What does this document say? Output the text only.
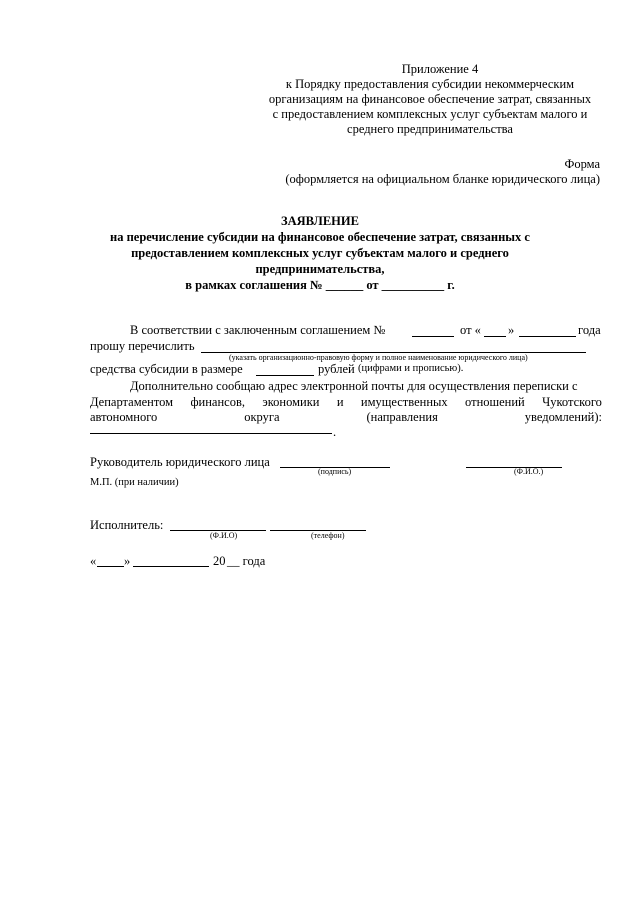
Приложение 4
к Порядку предоставления субсидии некоммерческим
организациям на финансовое обеспечение затрат, связанных
с предоставлением комплексных услуг субъектам малого и
среднего предпринимательства
Форма
(оформляется на официальном бланке юридического лица)
ЗАЯВЛЕНИЕ
на перечисление субсидии на финансовое обеспечение затрат, связанных с
предоставлением комплексных услуг субъектам малого и среднего
предпринимательства,
в рамках соглашения № ______ от __________ г.
В соответствии с заключенным соглашением №	от « »	года
прошу перечислить
(указать организационно-правовую форму и полное наименование юридического лица)
средства субсидии в размере	рублей (цифрами и прописью).
Дополнительно сообщаю адрес электронной почты для осуществления переписки с
Департаментом финансов, экономики и имущественных отношений Чукотского
автономного	округа	(направления	уведомлений):
.
Руководитель юридического лица
(подпись)	(Ф.И.О.)
М.П. (при наличии)
Исполнитель:
(Ф.И.О)	(телефон)
« »	20 __ года
